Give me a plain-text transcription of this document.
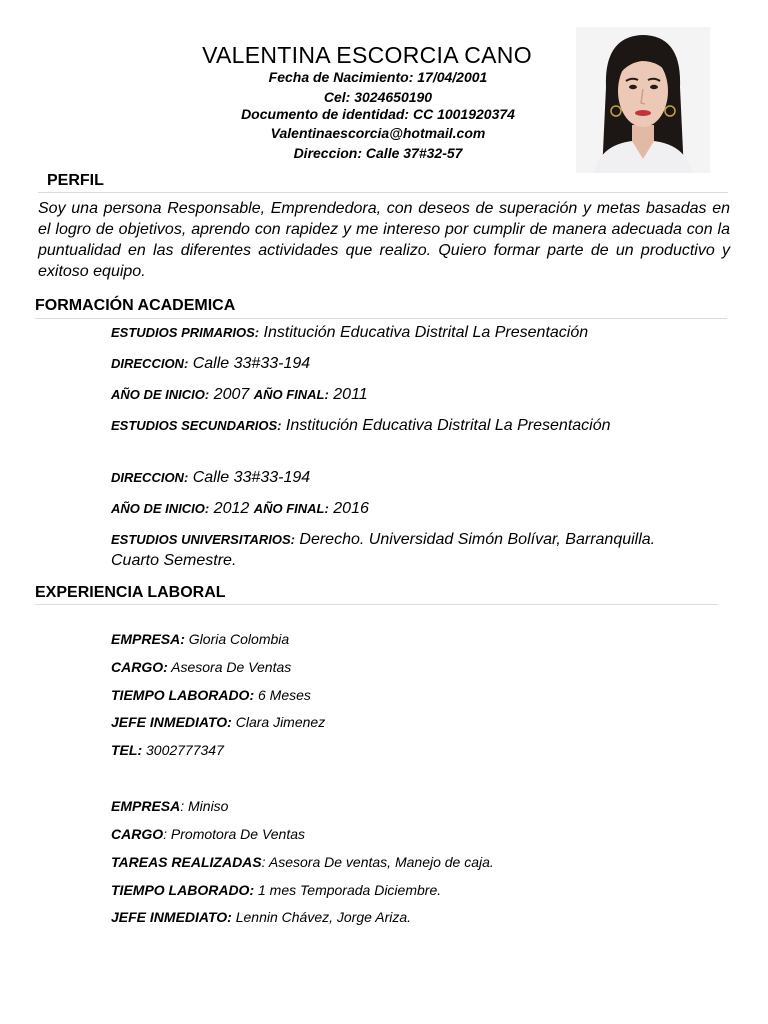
VALENTINA ESCORCIA CANO
Fecha de Nacimiento: 17/04/2001
Cel: 3024650190
Documento de identidad: CC 1001920374
Valentinaescorcia@hotmail.com
Direccion: Calle 37#32-57
PERFIL
Soy una persona Responsable, Emprendedora, con deseos de superación y metas basadas en el logro de objetivos, aprendo con rapidez y me intereso por cumplir de manera adecuada con la puntualidad en las diferentes actividades que realizo. Quiero formar parte de un productivo y exitoso equipo.
FORMACIÓN ACADEMICA
ESTUDIOS PRIMARIOS: Institución Educativa Distrital La Presentación
DIRECCION: Calle 33#33-194
AÑO DE INICIO: 2007 AÑO FINAL: 2011
ESTUDIOS SECUNDARIOS: Institución Educativa Distrital La Presentación
DIRECCION: Calle 33#33-194
AÑO DE INICIO: 2012 AÑO FINAL: 2016
ESTUDIOS UNIVERSITARIOS: Derecho. Universidad Simón Bolívar, Barranquilla. Cuarto Semestre.
EXPERIENCIA LABORAL
EMPRESA: Gloria Colombia
CARGO: Asesora De Ventas
TIEMPO LABORADO: 6 Meses
JEFE INMEDIATO: Clara Jimenez
TEL: 3002777347
EMPRESA: Miniso
CARGO: Promotora De Ventas
TAREAS REALIZADAS: Asesora De ventas, Manejo de caja.
TIEMPO LABORADO: 1 mes Temporada Diciembre.
JEFE INMEDIATO: Lennin Chávez, Jorge Ariza.
